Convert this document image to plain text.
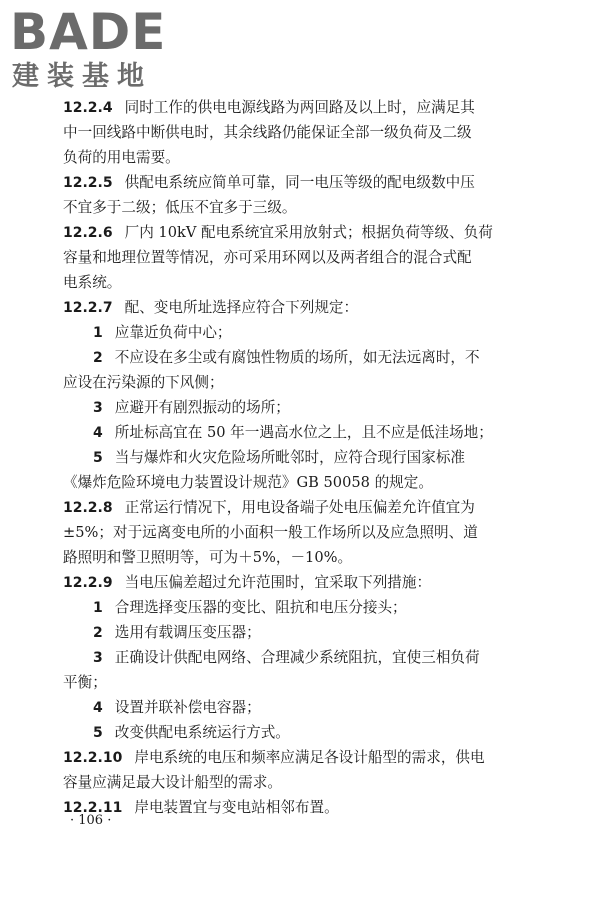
BADE
建装基地
12.2.4 同时工作的供电电源线路为两回路及以上时，应满足其
中一回线路中断供电时，其余线路仍能保证全部一级负荷及二级
负荷的用电需要。
12.2.5 供配电系统应简单可靠，同一电压等级的配电级数中压
不宜多于二级；低压不宜多于三级。
12.2.6 厂内 10kV 配电系统宜采用放射式；根据负荷等级、负荷
容量和地理位置等情况，亦可采用环网以及两者组合的混合式配
电系统。
12.2.7 配、变电所址选择应符合下列规定：
1 应靠近负荷中心；
2 不应设在多尘或有腐蚀性物质的场所，如无法远离时，不
应设在污染源的下风侧；
3 应避开有剧烈振动的场所；
4 所址标高宜在 50 年一遇高水位之上，且不应是低洼场地；
5 当与爆炸和火灾危险场所毗邻时，应符合现行国家标准
《爆炸危险环境电力装置设计规范》GB 50058 的规定。
12.2.8 正常运行情况下，用电设备端子处电压偏差允许值宜为
±5%；对于远离变电所的小面积一般工作场所以及应急照明、道
路照明和警卫照明等，可为＋5%，－10%。
12.2.9 当电压偏差超过允许范围时，宜采取下列措施：
1 合理选择变压器的变比、阻抗和电压分接头；
2 选用有载调压变压器；
3 正确设计供配电网络、合理减少系统阻抗，宜使三相负荷
平衡；
4 设置并联补偿电容器；
5 改变供配电系统运行方式。
12.2.10 岸电系统的电压和频率应满足各设计船型的需求，供电
容量应满足最大设计船型的需求。
12.2.11 岸电装置宜与变电站相邻布置。
· 106 ·
